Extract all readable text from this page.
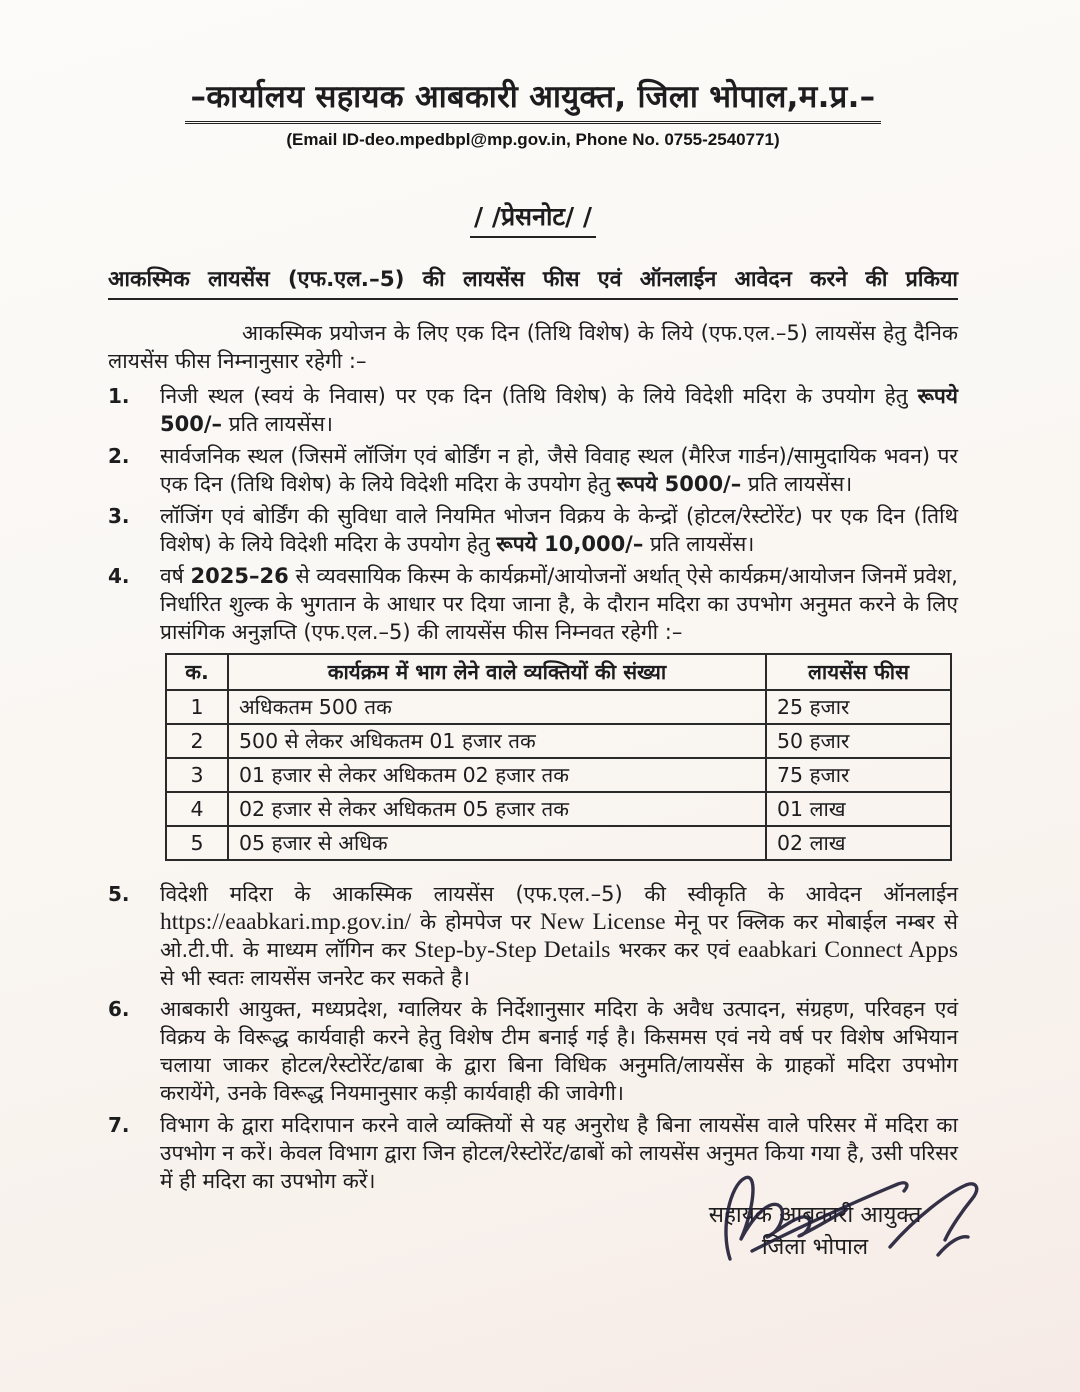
–कार्यालय सहायक आबकारी आयुक्त, जिला भोपाल,म.प्र.–
(Email ID-deo.mpedbpl@mp.gov.in, Phone No. 0755-2540771)

/ /प्रेसनोट/ /
आकस्मिक लायसेंस (एफ.एल.–5) की लायसेंस फीस एवं ऑनलाईन आवेदन करने की प्रकिया

आकस्मिक प्रयोजन के लिए एक दिन (तिथि विशेष) के लिये (एफ.एल.–5) लायसेंस हेतु दैनिक लायसेंस फीस निम्नानुसार रहेगी :–

1.	निजी स्थल (स्वयं के निवास) पर एक दिन (तिथि विशेष) के लिये विदेशी मदिरा के उपयोग हेतु रूपये 500/– प्रति लायसेंस।
2.	सार्वजनिक स्थल (जिसमें लॉजिंग एवं बोर्डिंग न हो, जैसे विवाह स्थल (मैरिज गार्डन)/सामुदायिक भवन) पर एक दिन (तिथि विशेष) के लिये विदेशी मदिरा के उपयोग हेतु रूपये 5000/– प्रति लायसेंस।
3.	लॉजिंग एवं बोर्डिंग की सुविधा वाले नियमित भोजन विक्रय के केन्द्रों (होटल/रेस्टोरेंट) पर एक दिन (तिथि विशेष) के लिये विदेशी मदिरा के उपयोग हेतु रूपये 10,000/– प्रति लायसेंस।
4.	वर्ष 2025–26 से व्यवसायिक किस्म के कार्यक्रमों/आयोजनों अर्थात् ऐसे कार्यक्रम/आयोजन जिनमें प्रवेश, निर्धारित शुल्क के भुगतान के आधार पर दिया जाना है, के दौरान मदिरा का उपभोग अनुमत करने के लिए प्रासंगिक अनुज्ञप्ति (एफ.एल.–5) की लायसेंस फीस निम्नवत रहेगी :–
क.	कार्यक्रम में भाग लेने वाले व्यक्तियों की संख्या	लायसेंस फीस
1	अधिकतम 500 तक	25 हजार
2	500 से लेकर अधिकतम 01 हजार तक	50 हजार
3	01 हजार से लेकर अधिकतम 02 हजार तक	75 हजार
4	02 हजार से लेकर अधिकतम 05 हजार तक	01 लाख
5	05 हजार से अधिक	02 लाख
5.	विदेशी मदिरा के आकस्मिक लायसेंस (एफ.एल.–5) की स्वीकृति के आवेदन ऑनलाईन https://eaabkari.mp.gov.in/ के होमपेज पर New License मेनू पर क्लिक कर मोबाईल नम्बर से ओ.टी.पी. के माध्यम लॉगिन कर Step-by-Step Details भरकर कर एवं eaabkari Connect Apps से भी स्वतः लायसेंस जनरेट कर सकते है।
6.	आबकारी आयुक्त, मध्यप्रदेश, ग्वालियर के निर्देशानुसार मदिरा के अवैध उत्पादन, संग्रहण, परिवहन एवं विक्रय के विरूद्ध कार्यवाही करने हेतु विशेष टीम बनाई गई है। किसमस एवं नये वर्ष पर विशेष अभियान चलाया जाकर होटल/रेस्टोरेंट/ढाबा के द्वारा बिना विधिक अनुमति/लायसेंस के ग्राहकों मदिरा उपभोग करायेंगे, उनके विरूद्ध नियमानुसार कड़ी कार्यवाही की जावेगी।
7.	विभाग के द्वारा मदिरापान करने वाले व्यक्तियों से यह अनुरोध है बिना लायसेंस वाले परिसर में मदिरा का उपभोग न करें। केवल विभाग द्वारा जिन होटल/रेस्टोरेंट/ढाबों को लायसेंस अनुमत किया गया है, उसी परिसर में ही मदिरा का उपभोग करें।
सहायक आबकारी आयुक्त
जिला भोपाल
